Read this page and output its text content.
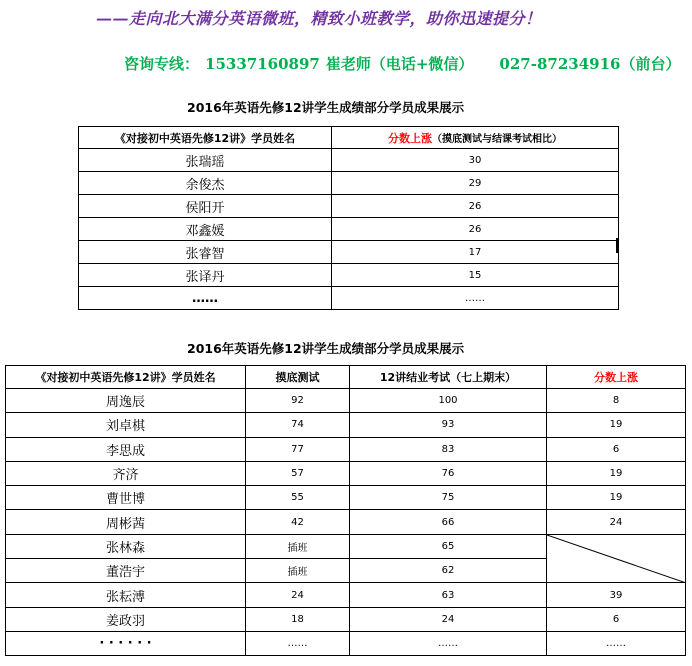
——走向北大满分英语微班，精致小班教学，助你迅速提分！
咨询专线： 15337160897 崔老师（电话+微信） 027-87234916（前台）
2016年英语先修12讲学生成绩部分学员成果展示
《对接初中英语先修12讲》学员姓名	分数上涨（摸底测试与结课考试相比）
张瑞瑶	30
余俊杰	29
侯阳开	26
邓鑫媛	26
张睿智	17
张译丹	15
……	……
2016年英语先修12讲学生成绩部分学员成果展示
《对接初中英语先修12讲》学员姓名	摸底测试	12讲结业考试（七上期末）	分数上涨
周逸辰	92	100	8
刘卓棋	74	93	19
李思成	77	83	6
齐济	57	76	19
曹世博	55	75	19
周彬茜	42	66	24
张林森	插班	65	

董浩宇	插班	62	
张耘溥	24	63	39
姜政羽	18	24	6
· · · · · ·	……	……	……
